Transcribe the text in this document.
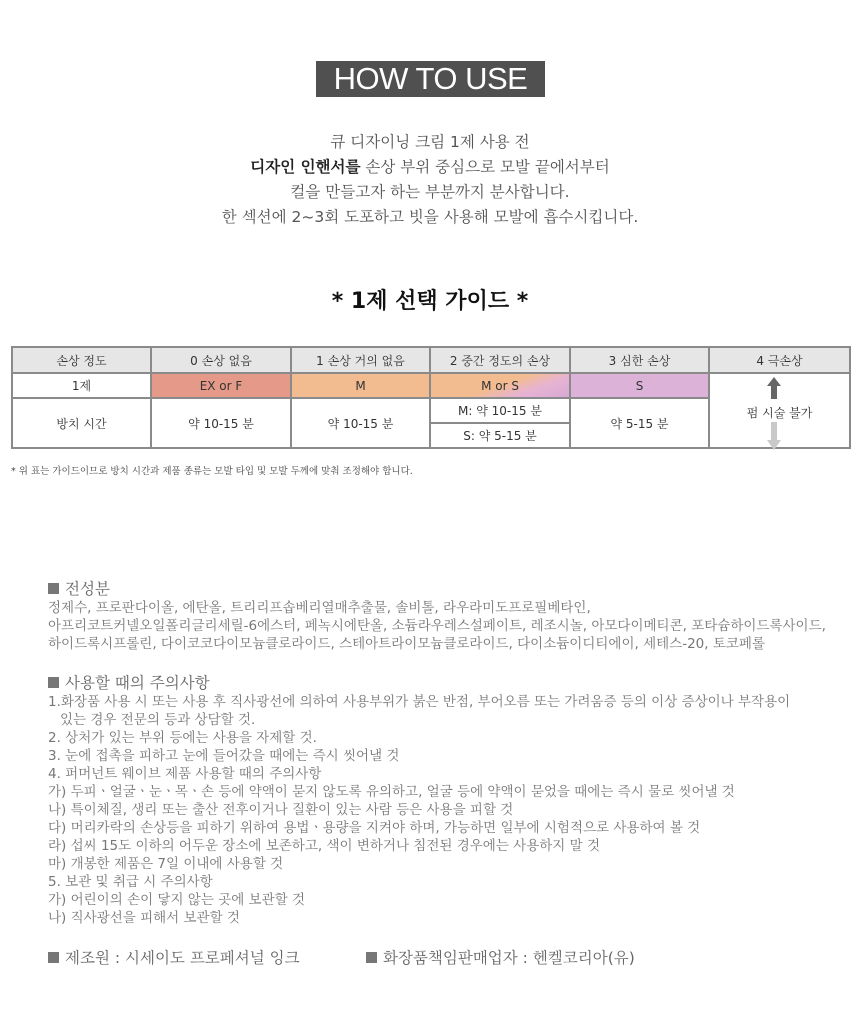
HOW TO USE
큐 디자이닝 크림 1제 사용 전
디자인 인핸서를 손상 부위 중심으로 모발 끝에서부터
컬을 만들고자 하는 부분까지 분사합니다.
한 섹션에 2~3회 도포하고 빗을 사용해 모발에 흡수시킵니다.
* 1제 선택 가이드 *
손상 정도	0 손상 없음	1 손상 거의 없음	2 중간 정도의 손상	3 심한 손상	4 극손상
1제	EX or F	M	M or S	S	펌 시술 불가

방치 시간	약 10-15 분	약 10-15 분	M: 약 10-15 분	약 5-15 분	
			S: 약 5-15 분		
* 위 표는 가이드이므로 방치 시간과 제품 종류는 모발 타입 및 모발 두께에 맞춰 조정해야 합니다.
전성분
정제수, 프로판다이올, 에탄올, 트리리프솝베리열매추출물, 솔비톨, 라우라미도프로필베타인,
아프리코트커넬오일폴리글리세릴-6에스터, 페녹시에탄올, 소듐라우레스설페이트, 레조시놀, 아모다이메티콘, 포타슘하이드록사이드,
하이드록시프롤린, 다이코코다이모늄클로라이드, 스테아트라이모늄클로라이드, 다이소듐이디티에이, 세테스-20, 토코페롤
사용할 때의 주의사항
1.화장품 사용 시 또는 사용 후 직사광선에 의하여 사용부위가 붉은 반점, 부어오름 또는 가려움증 등의 이상 증상이나 부작용이
있는 경우 전문의 등과 상담할 것.
2. 상처가 있는 부위 등에는 사용을 자제할 것.
3. 눈에 접촉을 피하고 눈에 들어갔을 때에는 즉시 씻어낼 것
4. 퍼머넌트 웨이브 제품 사용할 때의 주의사항
가) 두피ㆍ얼굴ㆍ눈ㆍ목ㆍ손 등에 약액이 묻지 않도록 유의하고, 얼굴 등에 약액이 묻었을 때에는 즉시 물로 씻어낼 것
나) 특이체질, 생리 또는 출산 전후이거나 질환이 있는 사람 등은 사용을 피할 것
다) 머리카락의 손상등을 피하기 위하여 용법ㆍ용량을 지켜야 하며, 가능하면 일부에 시험적으로 사용하여 볼 것
라) 섭씨 15도 이하의 어두운 장소에 보존하고, 색이 변하거나 침전된 경우에는 사용하지 말 것
마) 개봉한 제품은 7일 이내에 사용할 것
5. 보관 및 취급 시 주의사항
가) 어린이의 손이 닿지 않는 곳에 보관할 것
나) 직사광선을 피해서 보관할 것
제조원 : 시세이도 프로페셔널 잉크	화장품책임판매업자 : 헨켈코리아(유)
